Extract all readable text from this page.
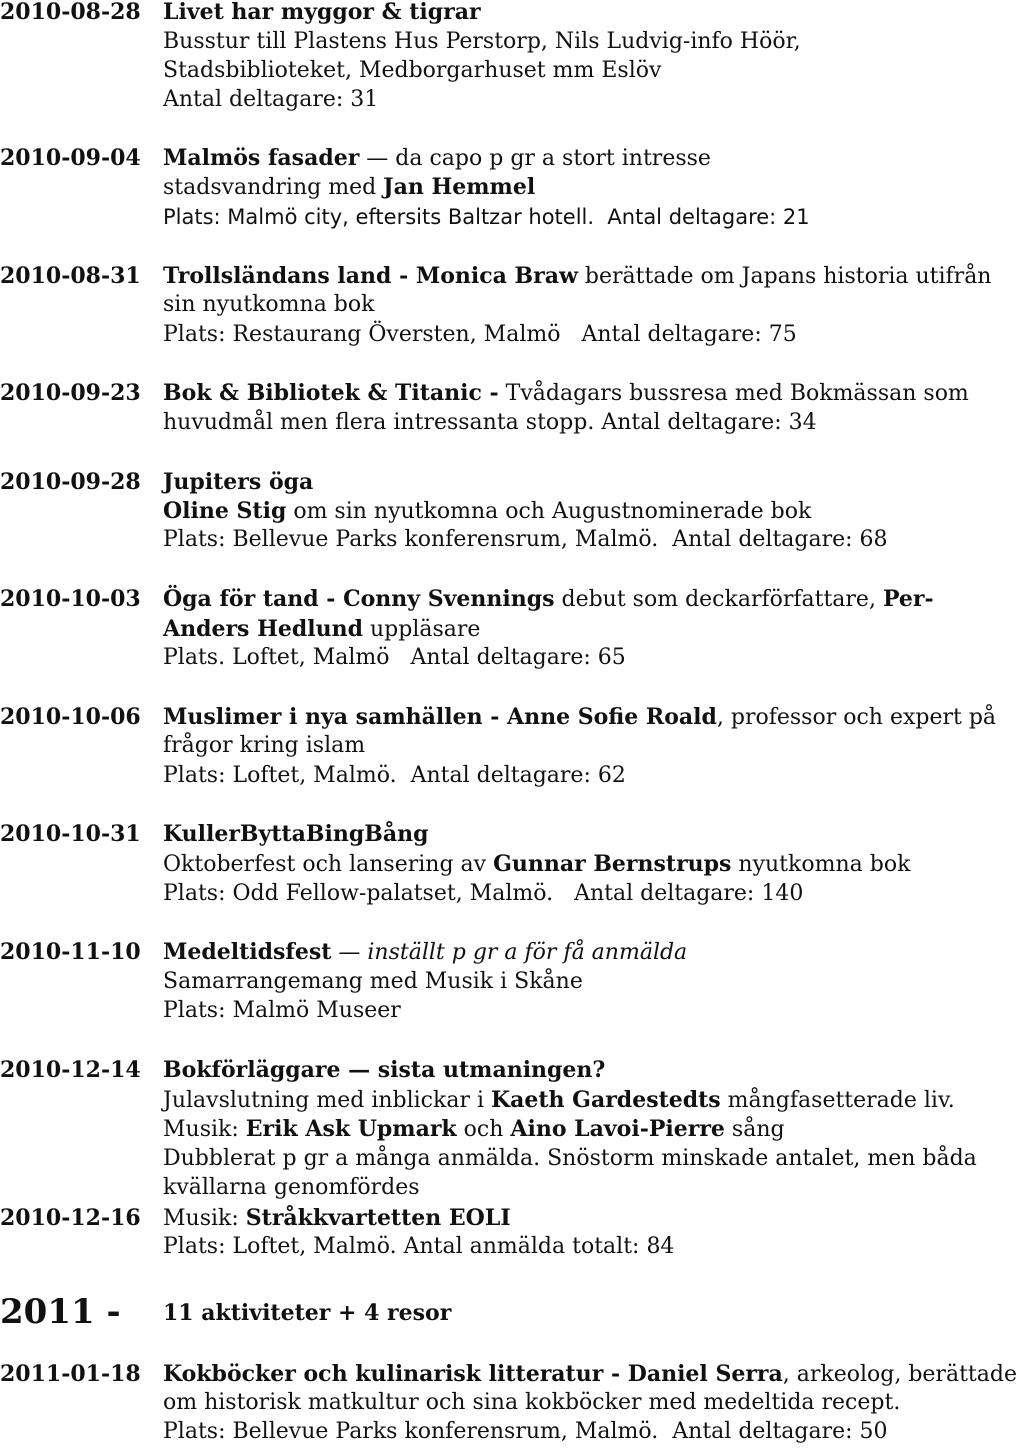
2010-08-28 Livet har myggor & tigrar
Busstur till Plastens Hus Perstorp, Nils Ludvig-info Höör,
Stadsbiblioteket, Medborgarhuset mm Eslöv
Antal deltagare: 31
2010-09-04 Malmös fasader — da capo p gr a stort intresse
stadsvandring med Jan Hemmel
Plats: Malmö city, eftersits Baltzar hotell. Antal deltagare: 21
2010-08-31 Trollsländans land - Monica Braw berättade om Japans historia utifrån
sin nyutkomna bok
Plats: Restaurang Översten, Malmö Antal deltagare: 75
2010-09-23 Bok & Bibliotek & Titanic - Tvådagars bussresa med Bokmässan som
huvudmål men flera intressanta stopp. Antal deltagare: 34
2010-09-28 Jupiters öga
Oline Stig om sin nyutkomna och Augustnominerade bok
Plats: Bellevue Parks konferensrum, Malmö. Antal deltagare: 68
2010-10-03 Öga för tand - Conny Svennings debut som deckarförfattare, Per-
Anders Hedlund uppläsare
Plats. Loftet, Malmö Antal deltagare: 65
2010-10-06 Muslimer i nya samhällen - Anne Sofie Roald, professor och expert på
frågor kring islam
Plats: Loftet, Malmö. Antal deltagare: 62
2010-10-31 KullerByttaBingBång
Oktoberfest och lansering av Gunnar Bernstrups nyutkomna bok
Plats: Odd Fellow-palatset, Malmö. Antal deltagare: 140
2010-11-10 Medeltidsfest — inställt p gr a för få anmälda
Samarrangemang med Musik i Skåne
Plats: Malmö Museer
2010-12-14 Bokförläggare — sista utmaningen?
Julavslutning med inblickar i Kaeth Gardestedts mångfasetterade liv.
Musik: Erik Ask Upmark och Aino Lavoi-Pierre sång
Dubblerat p gr a många anmälda. Snöstorm minskade antalet, men båda
kvällarna genomfördes
2010-12-16 Musik: Stråkkvartetten EOLI
Plats: Loftet, Malmö. Antal anmälda totalt: 84
2011 - 11 aktiviteter + 4 resor
2011-01-18 Kokböcker och kulinarisk litteratur - Daniel Serra, arkeolog, berättade
om historisk matkultur och sina kokböcker med medeltida recept.
Plats: Bellevue Parks konferensrum, Malmö. Antal deltagare: 50
